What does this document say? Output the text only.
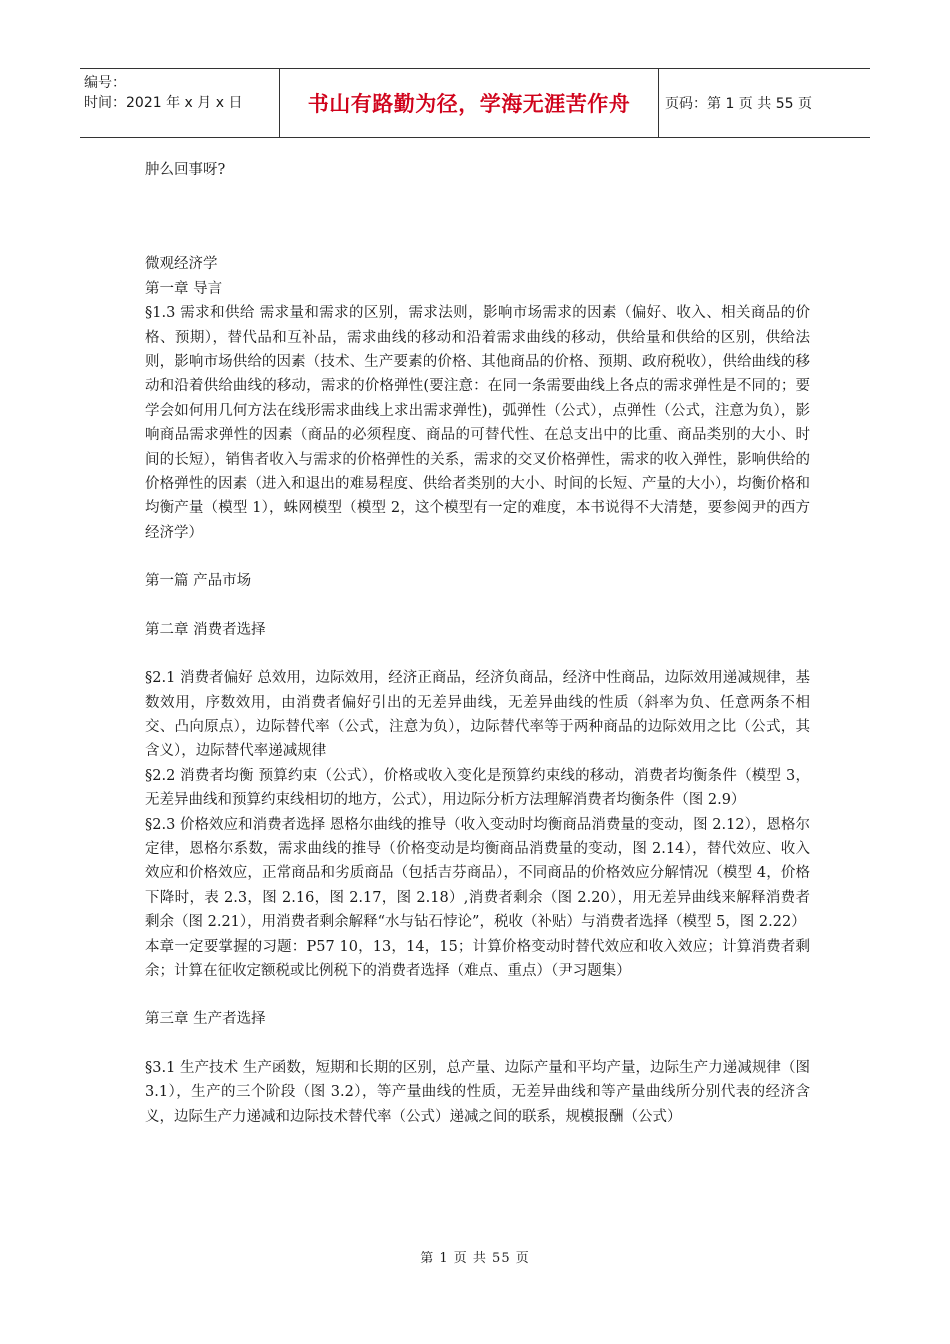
编号：
时间：2021 年 x 月 x 日	书山有路勤为径，学海无涯苦作舟 页码：第 1 页 共 55 页

肿么回事呀?

微观经济学

第一章 导言

§1.3 需求和供给 需求量和需求的区别，需求法则，影响市场需求的因素（偏好、收入、相关商品的价格、预期），替代品和互补品，需求曲线的移动和沿着需求曲线的移动，供给量和供给的区别，供给法则，影响市场供给的因素（技术、生产要素的价格、其他商品的价格、预期、政府税收），供给曲线的移动和沿着供给曲线的移动，需求的价格弹性(要注意：在同一条需要曲线上各点的需求弹性是不同的；要学会如何用几何方法在线形需求曲线上求出需求弹性)，弧弹性（公式），点弹性（公式，注意为负），影响商品需求弹性的因素（商品的必须程度、商品的可替代性、在总支出中的比重、商品类别的大小、时间的长短），销售者收入与需求的价格弹性的关系，需求的交叉价格弹性，需求的收入弹性，影响供给的价格弹性的因素（进入和退出的难易程度、供给者类别的大小、时间的长短、产量的大小），均衡价格和均衡产量（模型 1），蛛网模型（模型 2，这个模型有一定的难度，本书说得不大清楚，要参阅尹的西方经济学）

第一篇 产品市场

第二章 消费者选择

§2.1 消费者偏好 总效用，边际效用，经济正商品，经济负商品，经济中性商品，边际效用递减规律，基数效用，序数效用，由消费者偏好引出的无差异曲线，无差异曲线的性质（斜率为负、任意两条不相交、凸向原点），边际替代率（公式，注意为负），边际替代率等于两种商品的边际效用之比（公式，其含义），边际替代率递减规律

§2.2 消费者均衡 预算约束（公式），价格或收入变化是预算约束线的移动，消费者均衡条件（模型 3，无差异曲线和预算约束线相切的地方，公式），用边际分析方法理解消费者均衡条件（图 2.9）

§2.3 价格效应和消费者选择 恩格尔曲线的推导（收入变动时均衡商品消费量的变动，图 2.12），恩格尔定律，恩格尔系数，需求曲线的推导（价格变动是均衡商品消费量的变动，图 2.14），替代效应、收入效应和价格效应，正常商品和劣质商品（包括吉芬商品），不同商品的价格效应分解情况（模型 4，价格下降时，表 2.3，图 2.16，图 2.17，图 2.18）,消费者剩余（图 2.20），用无差异曲线来解释消费者剩余（图 2.21），用消费者剩余解释“水与钻石悖论”，税收（补贴）与消费者选择（模型 5，图 2.22）

本章一定要掌握的习题：P57 10，13，14，15；计算价格变动时替代效应和收入效应；计算消费者剩余；计算在征收定额税或比例税下的消费者选择（难点、重点）（尹习题集）

第三章 生产者选择

§3.1 生产技术 生产函数，短期和长期的区别，总产量、边际产量和平均产量，边际生产力递减规律（图 3.1），生产的三个阶段（图 3.2），等产量曲线的性质，无差异曲线和等产量曲线所分别代表的经济含义，边际生产力递减和边际技术替代率（公式）递减之间的联系，规模报酬（公式）

第 1 页 共 55 页
